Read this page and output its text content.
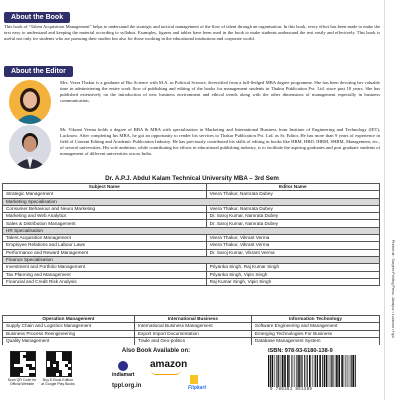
About the Book
This book of “Talent Acquisition Management” helps to understand the strategic and tactical management of the flow of talent through an organisation. In this book, every effort has been made to make the text easy to understand and keeping the material according to syllabus. Examples, figures and tables have been used in the book to make students understand the text easily and effectively. This book is useful not only for students who are pursuing their studies but also for those working in the educational institutions and corporate world.
About the Editor
Mrs. Veera Thakur is a graduate of Bio Science with M.A. in Political Science, diversified from a full-fledged MBA degree programme. She has been devoting her valuable time in administering the entire work flow of publishing and editing of the books for management students in Thakur Publication Pvt. Ltd. since past 18 years. She has published extensively on the introduction of new business environment and ethical trends along with the other dimensions of management especially in business communication.
Mr. Vikrant Verma holds a degree of BBA & MBA with specialisation in Marketing and International Business from Institute of Engineering and Technology (IET), Lucknow. After completing his MBA, he got an opportunity to render his services to Thakur Publication Pvt. Ltd. as Sr. Editor. He has more than 9 years of experience in field of Content Editing and Academic Publication Industry. He has previously contributed his skills of editing in books like HRM, HRD, IHRM, SHRM, Management, etc., of several universities. His sole ambition, while contributing his efforts in educational publishing industry, is to facilitate the aspiring graduates and post graduate students of management of different universities across India.
Dr. A.P.J. Abdul Kalam Technical University MBA – 3rd Sem
Subject Name	Editor Name
Strategic Management	Veera Thakur, Namrata Dubey
Marketing Specialisation	
Consumer Behaviour and Neuro Marketing	Veera Thakur, Namrata Dubey
Marketing and Web Analytics	Dr. Saroj Kumar, Namrata Dubey
Sales & Distribution Management	Dr. Saroj Kumar, Namrata Dubey
HR Specialisation	
Talent Acquisition Management	Veera Thakur, Vikrant Verma
Employee Relations and Labour Laws	Veera Thakur, Vikrant Verma
Performance and Reward Management	Dr. Saroj Kumar, Vikrant Verma
Finance Specialisation	
Investment and Portfolio Management	Priyanka Singh, Raj Kumar Singh
Tax Planning and Management	Priyanka Singh, Vipin Singh
Financial and Credit Risk Analysis	Raj Kumar Singh, Vipin Singh
Operation Management	International Business	Information Technology
Supply Chain and Logistics Management	International Business Management	Software Engineering and Management
Business Process Reengineering	Export Import Documentation	Emerging Technologies For Business
Quality Management	Trade and Geo-politics	Database Management System
Scan QR Code for Official Website
Buy E-Book Edition at Google Play Books
Also Book Available on:
amazon
indiamart
tppl.org.in	Flipkart
ISBN: 978-93-6180-138-9
9 789361 801389
Printed at : Sanjeev Printing Press, Jabalpur • Lucknow • Hyd
